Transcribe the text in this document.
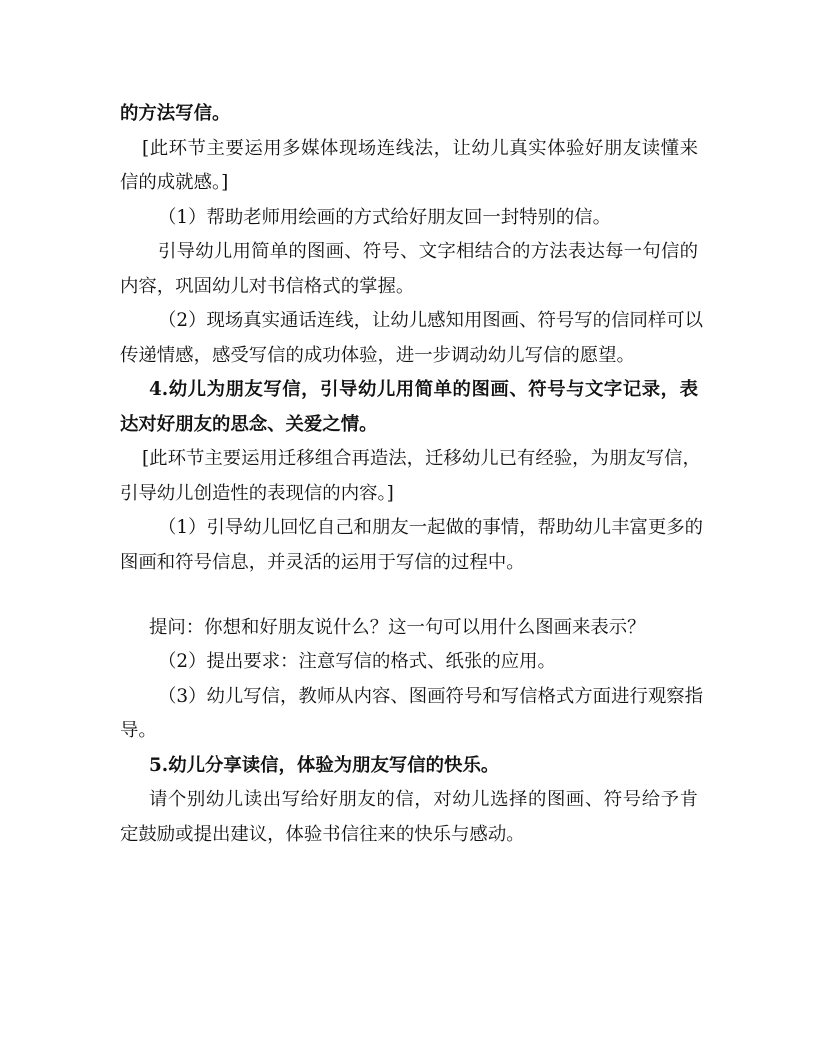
的方法写信。
[此环节主要运用多媒体现场连线法，让幼儿真实体验好朋友读懂来
信的成就感。]
（1）帮助老师用绘画的方式给好朋友回一封特别的信。
引导幼儿用简单的图画、符号、文字相结合的方法表达每一句信的
内容，巩固幼儿对书信格式的掌握。
（2）现场真实通话连线，让幼儿感知用图画、符号写的信同样可以
传递情感，感受写信的成功体验，进一步调动幼儿写信的愿望。
4.幼儿为朋友写信，引导幼儿用简单的图画、符号与文字记录，表
达对好朋友的思念、关爱之情。
[此环节主要运用迁移组合再造法，迁移幼儿已有经验，为朋友写信，
引导幼儿创造性的表现信的内容。]
（1）引导幼儿回忆自己和朋友一起做的事情，帮助幼儿丰富更多的
图画和符号信息，并灵活的运用于写信的过程中。
提问：你想和好朋友说什么？这一句可以用什么图画来表示？
（2）提出要求：注意写信的格式、纸张的应用。
（3）幼儿写信，教师从内容、图画符号和写信格式方面进行观察指
导。
5.幼儿分享读信，体验为朋友写信的快乐。
请个别幼儿读出写给好朋友的信，对幼儿选择的图画、符号给予肯
定鼓励或提出建议，体验书信往来的快乐与感动。
